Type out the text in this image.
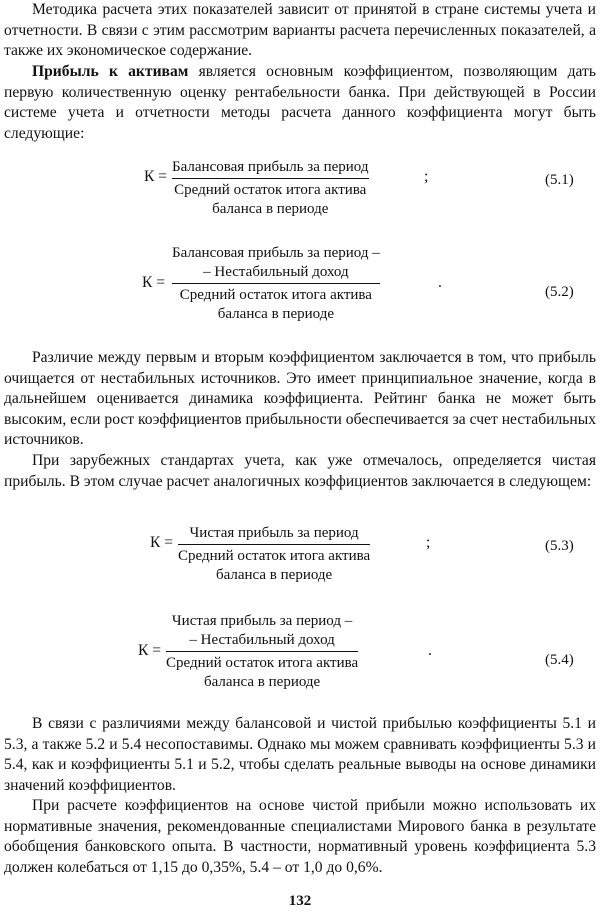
Методика расчета этих показателей зависит от принятой в стране системы учета и отчетности. В связи с этим рассмотрим варианты расчета перечисленных показателей, а также их экономическое содержание.

Прибыль к активам является основным коэффициентом, позволяющим дать первую количественную оценку рентабельности банка. При действующей в России системе учета и отчетности методы расчета данного коэффициента могут быть следующие:

К =
Балансовая прибыль за период
Средний остаток итога актива
баланса в периоде
;	(5.1)
К =
Балансовая прибыль за период –
– Нестабильный доход
Средний остаток итога актива
баланса в периоде
.
(5.2)

Различие между первым и вторым коэффициентом заключается в том, что прибыль очищается от нестабильных источников. Это имеет принципиальное значение, когда в дальнейшем оценивается динамика коэффициента. Рейтинг банка не может быть высоким, если рост коэффициентов прибыльности обеспечивается за счет нестабильных источников.

При зарубежных стандартах учета, как уже отмечалось, определяется чистая прибыль. В этом случае расчет аналогичных коэффициентов заключается в следующем:

К =
Чистая прибыль за период
Средний остаток итога актива
баланса в периоде
;	(5.3)
К =
Чистая прибыль за период –
– Нестабильный доход
Средний остаток итога актива
баланса в периоде
.
(5.4)

В связи с различиями между балансовой и чистой прибылью коэффициенты 5.1 и 5.3, а также 5.2 и 5.4 несопоставимы. Однако мы можем сравнивать коэффициенты 5.3 и 5.4, как и коэффициенты 5.1 и 5.2, чтобы сделать реальные выводы на основе динамики значений коэффициентов.

При расчете коэффициентов на основе чистой прибыли можно использовать их нормативные значения, рекомендованные специалистами Мирового банка в результате обобщения банковского опыта. В частности, нормативный уровень коэффициента 5.3 должен колебаться от 1,15 до 0,35%, 5.4 – от 1,0 до 0,6%.

132
